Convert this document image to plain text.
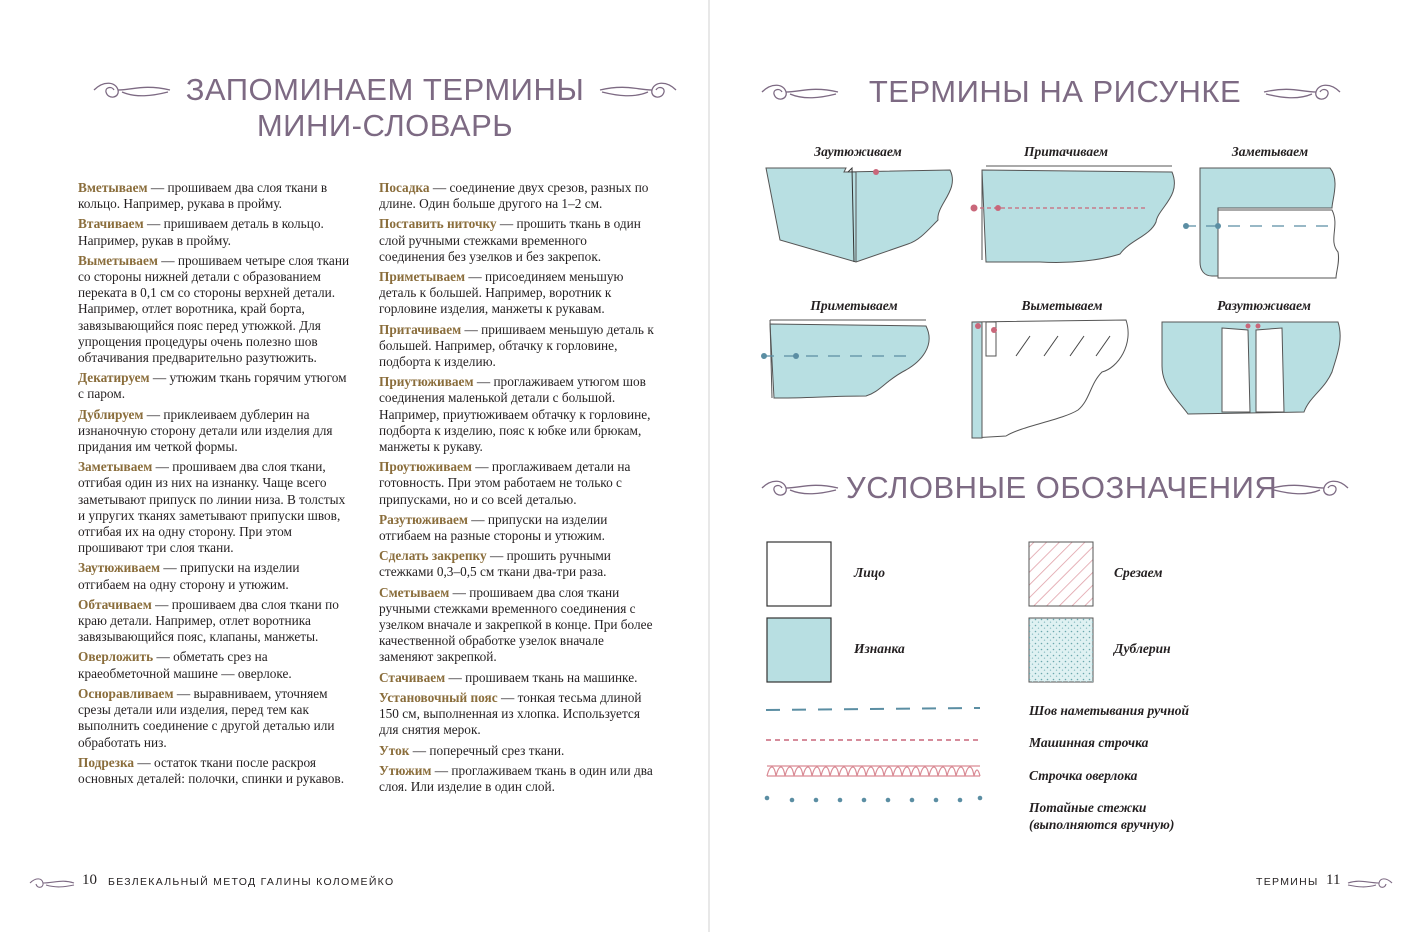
ЗАПОМИНАЕМ ТЕРМИНЫ
МИНИ-СЛОВАРЬ
Вметываем — прошиваем два слоя ткани в кольцо. Например, рукава в пройму.
Втачиваем — пришиваем деталь в кольцо. Например, рукав в пройму.
Выметываем — прошиваем четыре слоя ткани со стороны нижней детали с образованием переката в 0,1 см со стороны верхней детали. Например, отлет воротника, край борта, завязывающийся пояс перед утюжкой. Для упрощения процедуры очень полезно шов обтачивания предварительно разутюжить.
Декатируем — утюжим ткань горячим утюгом с паром.
Дублируем — приклеиваем дублерин на изнаночную сторону детали или изделия для придания им четкой формы.
Заметываем — прошиваем два слоя ткани, отгибая один из них на изнанку. Чаще всего заметывают припуск по линии низа. В толстых и упругих тканях заметывают припуски швов, отгибая их на одну сторону. При этом прошивают три слоя ткани.
Заутюживаем — припуски на изделии отгибаем на одну сторону и утюжим.
Обтачиваем — прошиваем два слоя ткани по краю детали. Например, отлет воротника завязывающийся пояс, клапаны, манжеты.
Оверложить — обметать срез на краеобметочной машине — оверлоке.
Осноравливаем — выравниваем, уточняем срезы детали или изделия, перед тем как выполнить соединение с другой деталью или обработать низ.
Подрезка — остаток ткани после раскроя основных деталей: полочки, спинки и рукавов.
Посадка — соединение двух срезов, разных по длине. Один больше другого на 1–2 см.
Поставить ниточку — прошить ткань в один слой ручными стежками временного соединения без узелков и без закрепок.
Приметываем — присоединяем меньшую деталь к большей. Например, воротник к горловине изделия, манжеты к рукавам.
Притачиваем — пришиваем меньшую деталь к большей. Например, обтачку к горловине, подборта к изделию.
Приутюживаем — проглаживаем утюгом шов соединения маленькой детали с большой. Например, приутюживаем обтачку к горловине, подборта к изделию, пояс к юбке или брюкам, манжеты к рукаву.
Проутюживаем — проглаживаем детали на готовность. При этом работаем не только с припусками, но и со всей деталью.
Разутюживаем — припуски на изделии отгибаем на разные стороны и утюжим.
Сделать закрепку — прошить ручными стежками 0,3–0,5 см ткани два-три раза.
Сметываем — прошиваем два слоя ткани ручными стежками временного соединения с узелком вначале и закрепкой в конце. При более качественной обработке узелок вначале заменяют закрепкой.
Стачиваем — прошиваем ткань на машинке.
Установочный пояс — тонкая тесьма длиной 150 см, выполненная из хлопка. Используется для снятия мерок.
Уток — поперечный срез ткани.
Утюжим — проглаживаем ткань в один или два слоя. Или изделие в один слой.
10 БЕЗЛЕКАЛЬНЫЙ МЕТОД ГАЛИНЫ КОЛОМЕЙКО
ТЕРМИНЫ НА РИСУНКЕ
Заутюживаем	Притачиваем	Заметываем
Приметываем	Выметываем	Разутюживаем
УСЛОВНЫЕ ОБОЗНАЧЕНИЯ
Лицо
Изнанка
Срезаем
Дублерин
Шов наметывания ручной
Машинная строчка
Строчка оверлока
Потайные стежки
(выполняются вручную)
ТЕРМИНЫ 11
